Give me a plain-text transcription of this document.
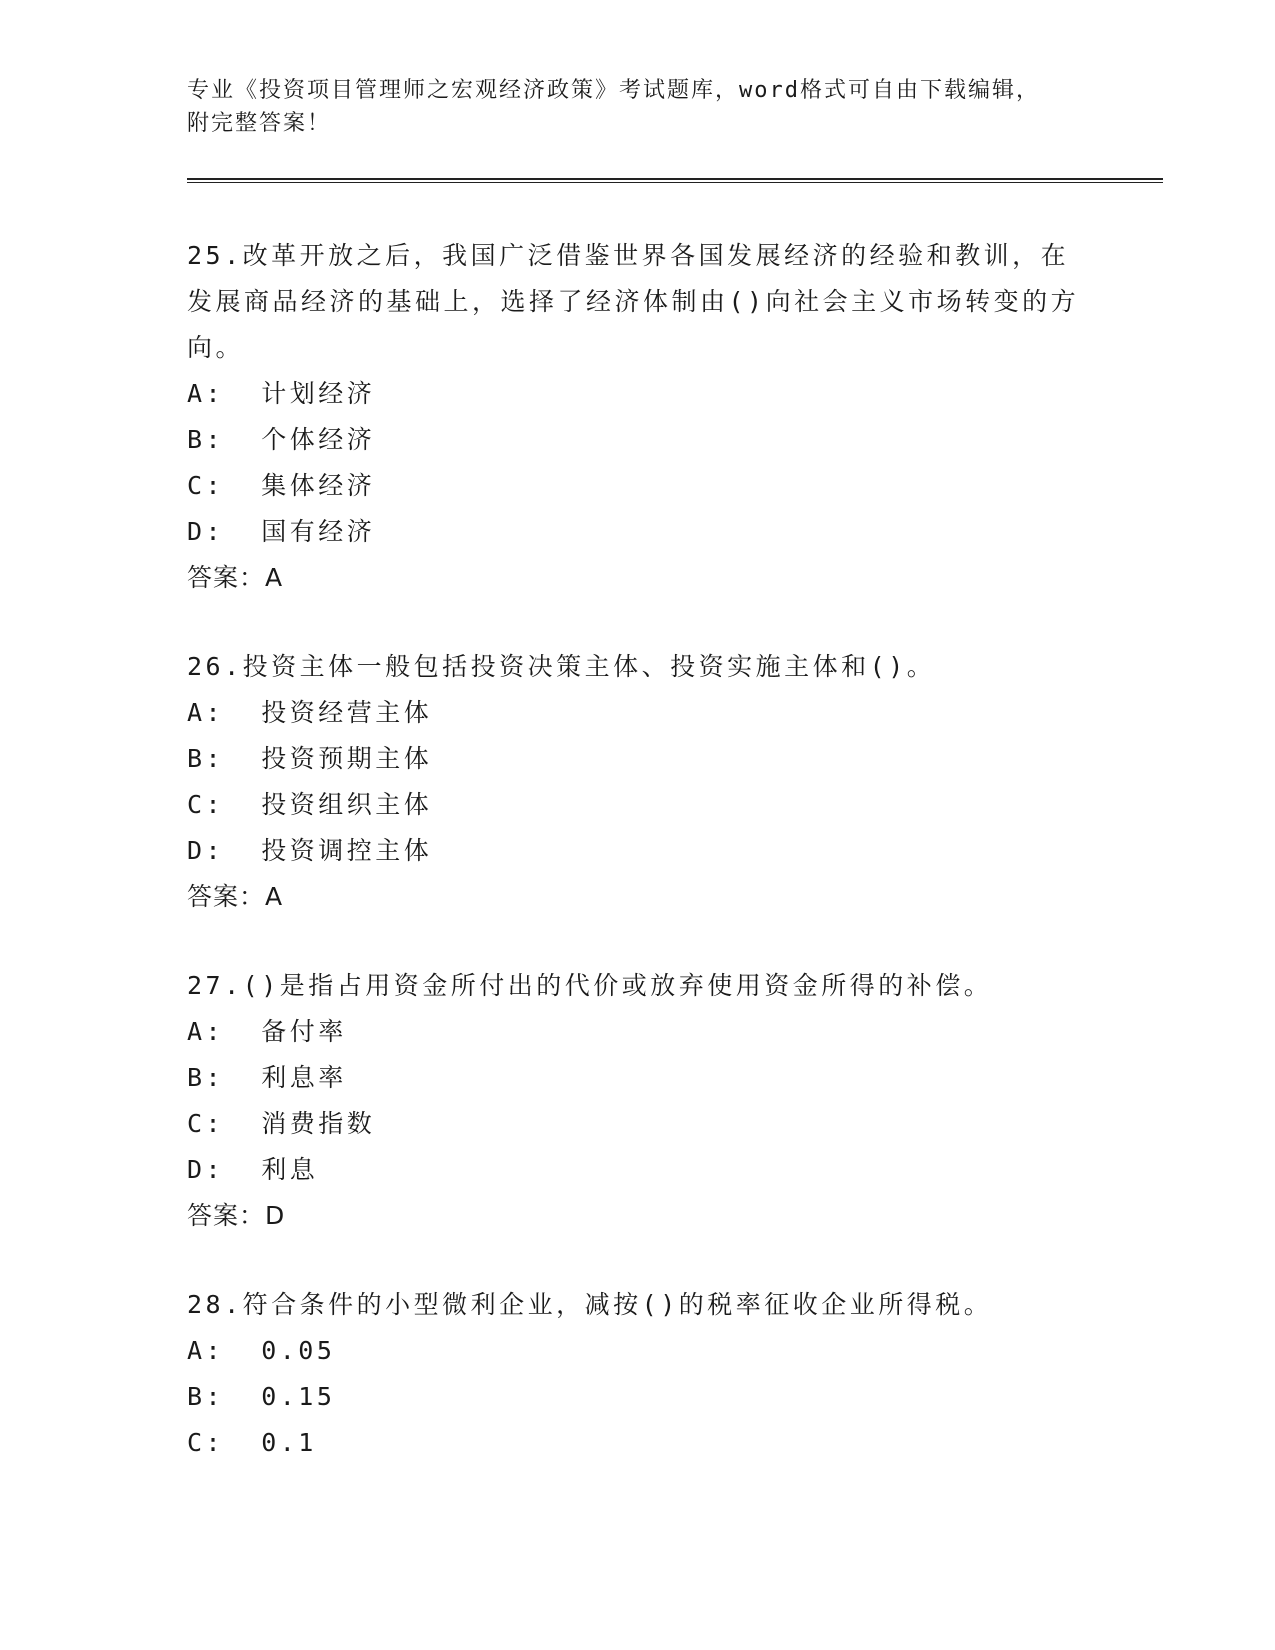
专业《投资项目管理师之宏观经济政策》考试题库，word格式可自由下载编辑，
附完整答案！
25.改革开放之后，我国广泛借鉴世界各国发展经济的经验和教训，在发展商品经济的基础上，选择了经济体制由()向社会主义市场转变的方向。
A:  计划经济
B:  个体经济
C:  集体经济
D:  国有经济
答案：A
26.投资主体一般包括投资决策主体、投资实施主体和()。
A:  投资经营主体
B:  投资预期主体
C:  投资组织主体
D:  投资调控主体
答案：A
27.()是指占用资金所付出的代价或放弃使用资金所得的补偿。
A:  备付率
B:  利息率
C:  消费指数
D:  利息
答案：D
28.符合条件的小型微利企业，减按()的税率征收企业所得税。
A:  0.05
B:  0.15
C:  0.1
